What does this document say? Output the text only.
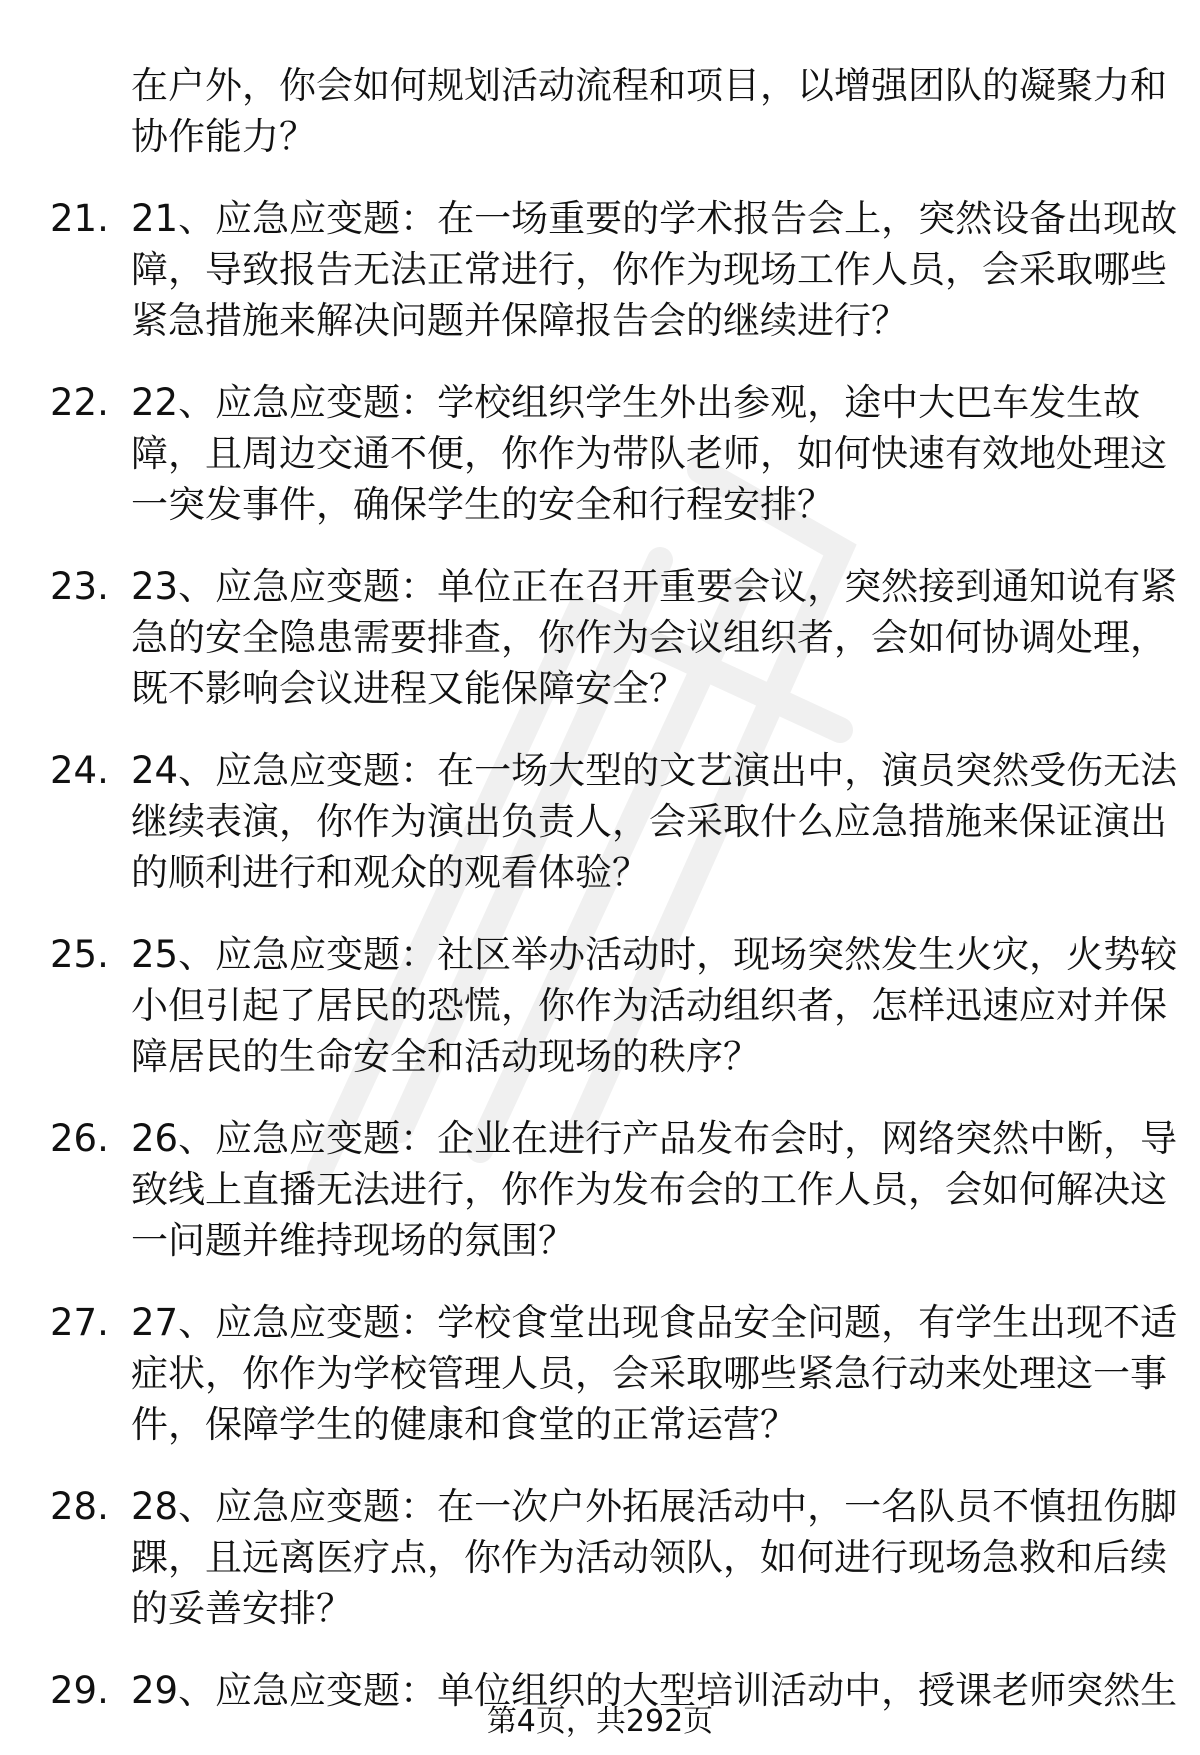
在户外，你会如何规划活动流程和项目，以增强团队的凝聚力和
协作能力？
21. 21、应急应变题：在一场重要的学术报告会上，突然设备出现故
障，导致报告无法正常进行，你作为现场工作人员，会采取哪些
紧急措施来解决问题并保障报告会的继续进行？
22. 22、应急应变题：学校组织学生外出参观，途中大巴车发生故
障，且周边交通不便，你作为带队老师，如何快速有效地处理这
一突发事件，确保学生的安全和行程安排？
23. 23、应急应变题：单位正在召开重要会议，突然接到通知说有紧
急的安全隐患需要排查，你作为会议组织者，会如何协调处理，
既不影响会议进程又能保障安全？
24. 24、应急应变题：在一场大型的文艺演出中，演员突然受伤无法
继续表演，你作为演出负责人，会采取什么应急措施来保证演出
的顺利进行和观众的观看体验？
25. 25、应急应变题：社区举办活动时，现场突然发生火灾，火势较
小但引起了居民的恐慌，你作为活动组织者，怎样迅速应对并保
障居民的生命安全和活动现场的秩序？
26. 26、应急应变题：企业在进行产品发布会时，网络突然中断，导
致线上直播无法进行，你作为发布会的工作人员，会如何解决这
一问题并维持现场的氛围？
27. 27、应急应变题：学校食堂出现食品安全问题，有学生出现不适
症状，你作为学校管理人员，会采取哪些紧急行动来处理这一事
件，保障学生的健康和食堂的正常运营？
28. 28、应急应变题：在一次户外拓展活动中，一名队员不慎扭伤脚
踝，且远离医疗点，你作为活动领队，如何进行现场急救和后续
的妥善安排？
29. 29、应急应变题：单位组织的大型培训活动中，授课老师突然生
第4页，共292页
